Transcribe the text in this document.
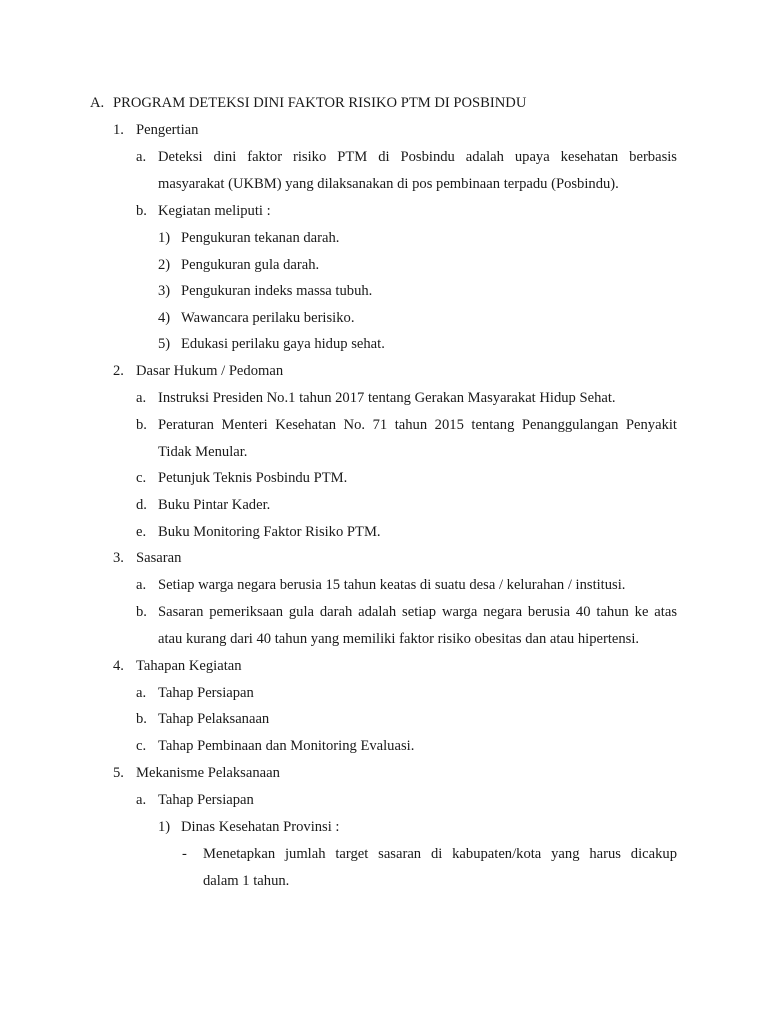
A. PROGRAM DETEKSI DINI FAKTOR RISIKO PTM DI POSBINDU
1. Pengertian
a. Deteksi dini faktor risiko PTM di Posbindu adalah upaya kesehatan berbasis
masyarakat (UKBM) yang dilaksanakan di pos pembinaan terpadu (Posbindu).
b. Kegiatan meliputi :
1) Pengukuran tekanan darah.
2) Pengukuran gula darah.
3) Pengukuran indeks massa tubuh.
4) Wawancara perilaku berisiko.
5) Edukasi perilaku gaya hidup sehat.
2. Dasar Hukum / Pedoman
a. Instruksi Presiden No.1 tahun 2017 tentang Gerakan Masyarakat Hidup Sehat.
b. Peraturan Menteri Kesehatan No. 71 tahun 2015 tentang Penanggulangan Penyakit
Tidak Menular.
c. Petunjuk Teknis Posbindu PTM.
d. Buku Pintar Kader.
e. Buku Monitoring Faktor Risiko PTM.
3. Sasaran
a. Setiap warga negara berusia 15 tahun keatas di suatu desa / kelurahan / institusi.
b. Sasaran pemeriksaan gula darah adalah setiap warga negara berusia 40 tahun ke atas
atau kurang dari 40 tahun yang memiliki faktor risiko obesitas dan atau hipertensi.
4. Tahapan Kegiatan
a. Tahap Persiapan
b. Tahap Pelaksanaan
c. Tahap Pembinaan dan Monitoring Evaluasi.
5. Mekanisme Pelaksanaan
a. Tahap Persiapan
1) Dinas Kesehatan Provinsi :
- Menetapkan jumlah target sasaran di kabupaten/kota yang harus dicakup
dalam 1 tahun.
